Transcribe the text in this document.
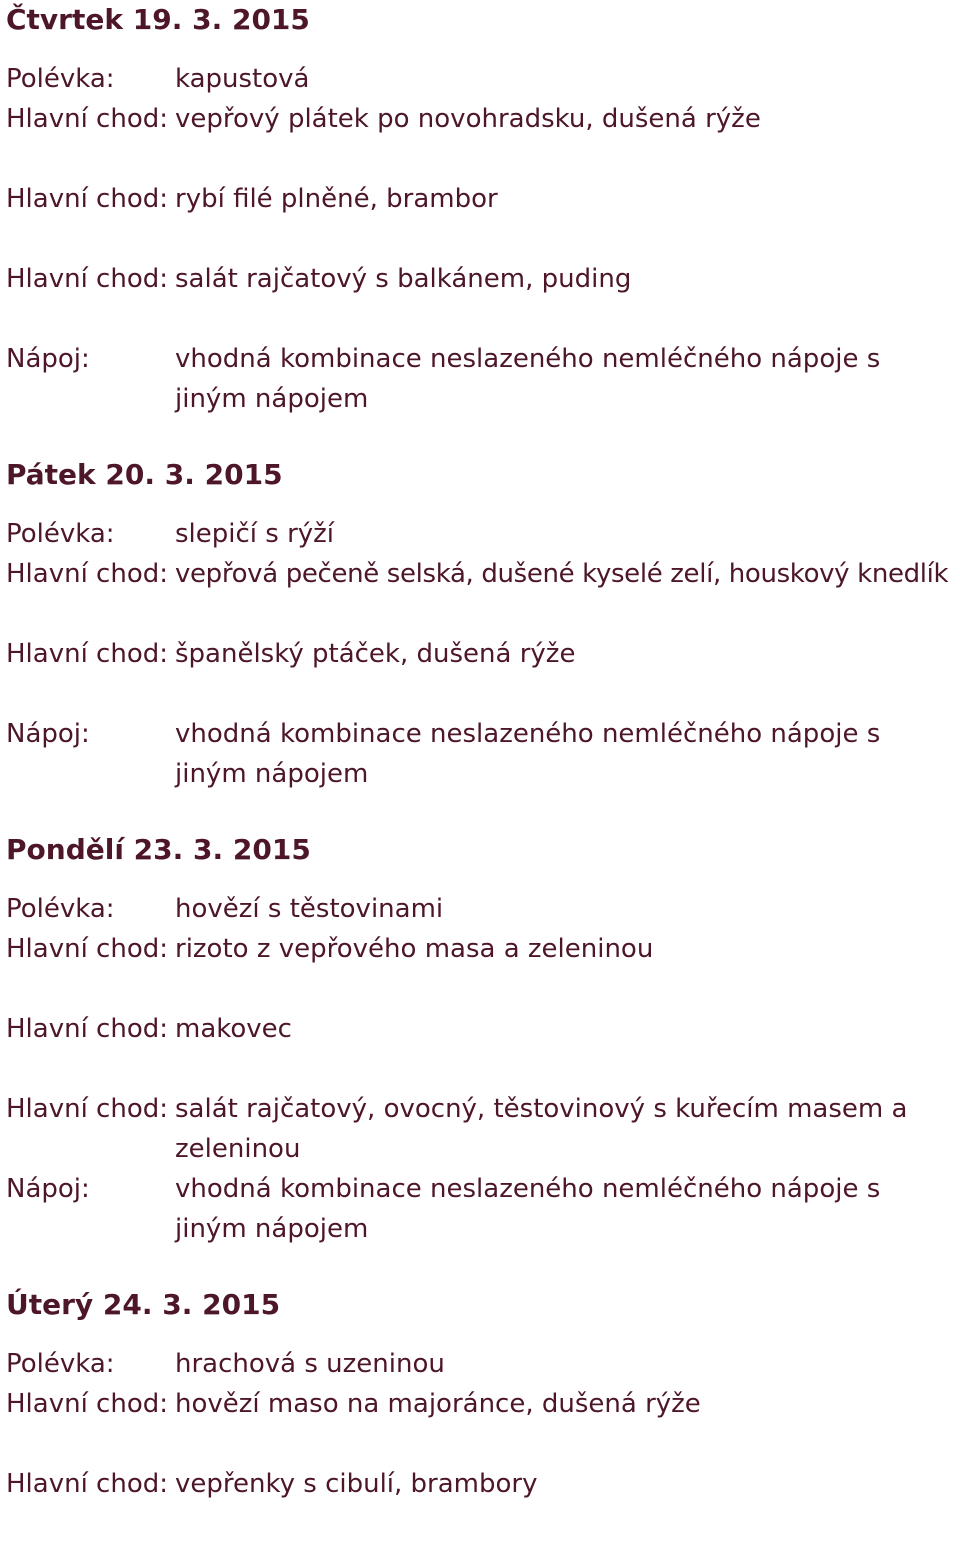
Čtvrtek 19. 3. 2015
Polévka:	kapustová
Hlavní chod: vepřový plátek po novohradsku, dušená rýže
Hlavní chod: rybí filé plněné, brambor
Hlavní chod: salát rajčatový s balkánem, puding
Nápoj:	vhodná kombinace neslazeného nemléčného nápoje s jiným nápojem
Pátek 20. 3. 2015
Polévka:	slepičí s rýží
Hlavní chod: vepřová pečeně selská, dušené kyselé zelí, houskový knedlík
Hlavní chod: španělský ptáček, dušená rýže
Nápoj:	vhodná kombinace neslazeného nemléčného nápoje s jiným nápojem
Pondělí 23. 3. 2015
Polévka:	hovězí s těstovinami
Hlavní chod: rizoto z vepřového masa a zeleninou
Hlavní chod: makovec
Hlavní chod: salát rajčatový, ovocný, těstovinový s kuřecím masem a zeleninou
Nápoj:	vhodná kombinace neslazeného nemléčného nápoje s jiným nápojem
Úterý 24. 3. 2015
Polévka:	hrachová s uzeninou
Hlavní chod: hovězí maso na majoránce, dušená rýže
Hlavní chod: vepřenky s cibulí, brambory
